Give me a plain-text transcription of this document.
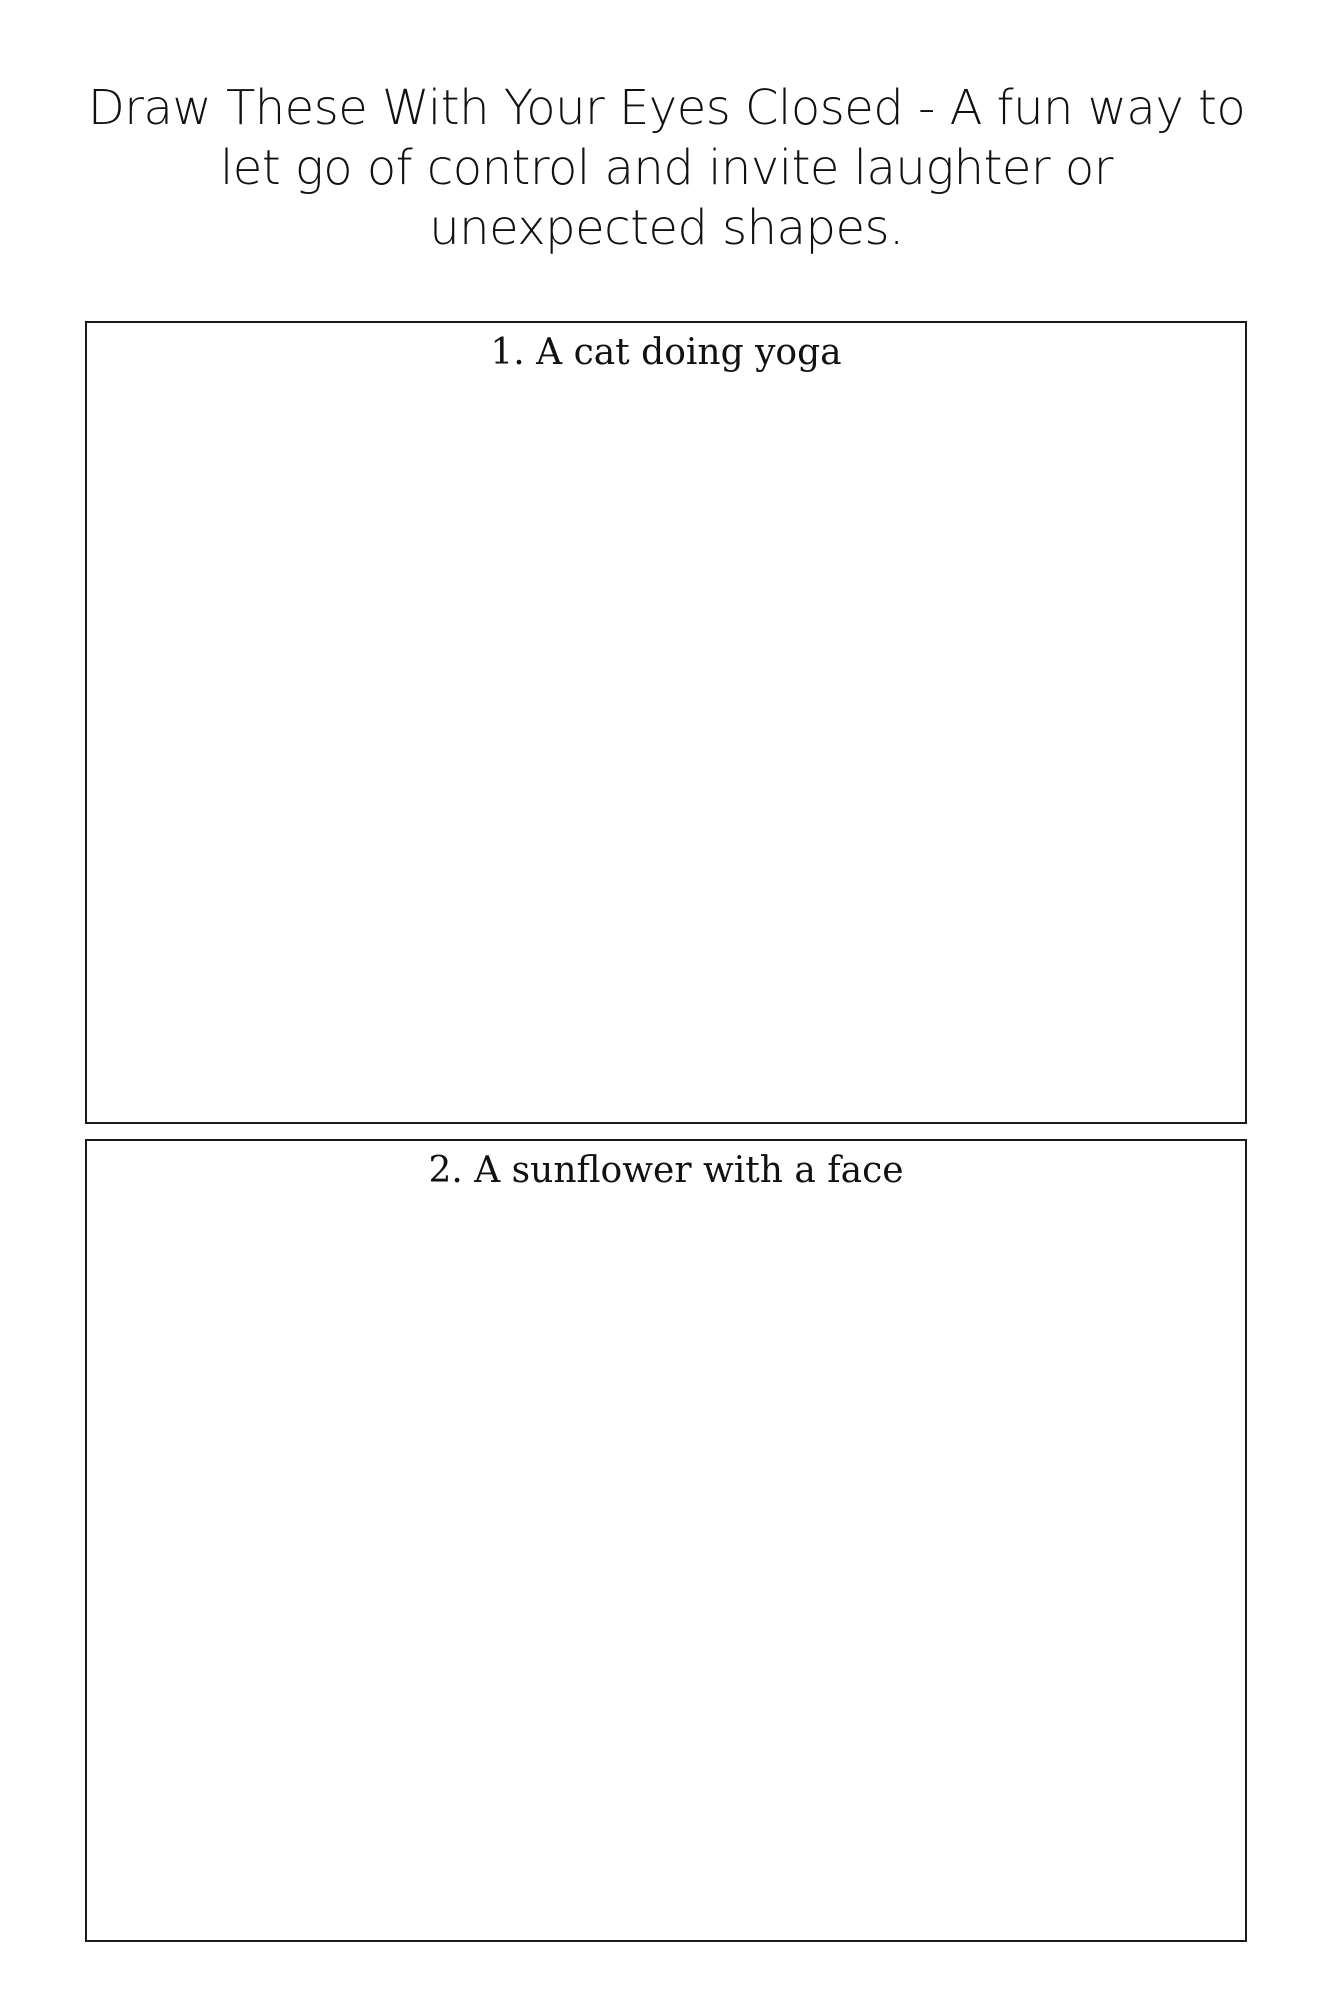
Draw These With Your Eyes Closed - A fun way to let go of control and invite laughter or unexpected shapes.
1. A cat doing yoga
2. A sunflower with a face
